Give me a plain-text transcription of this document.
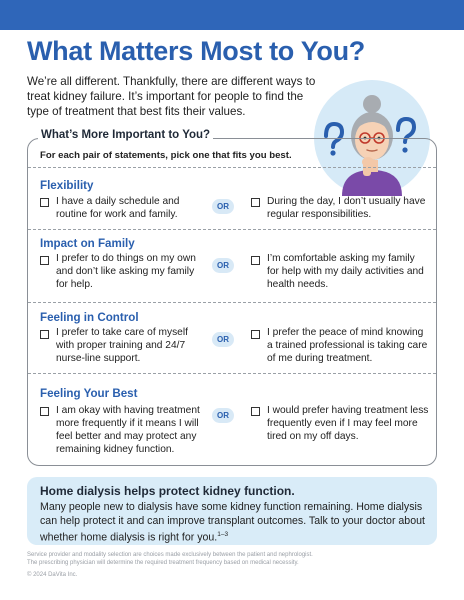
What Matters Most to You?

We’re all different. Thankfully, there are different ways to treat kidney failure. It’s important for people to find the type of treatment that best fits their values.

What’s More Important to You?
For each pair of statements, pick one that fits you best.
Flexibility
I have a daily schedule and routine for work and family.
OR	During the day, I don’t usually have regular responsibilities.
Impact on Family
I prefer to do things on my own and don’t like asking my family for help.
OR
I’m comfortable asking my family for help with my daily activities and health needs.
Feeling in Control
I prefer to take care of myself with proper training and 24/7 nurse-line support.
OR
I prefer the peace of mind knowing a trained professional is taking care of me during treatment.
Feeling Your Best
I am okay with having treatment more frequently if it means I will feel better and may protect any remaining kidney function.
OR	I would prefer having treatment less frequently even if I may feel more tired on my off days.
Home dialysis helps protect kidney function.

Many people new to dialysis have some kidney function remaining. Home dialysis can help protect it and can improve transplant outcomes. Talk to your doctor about whether home dialysis is right for you.$^{1-3}$

Service provider and modality selection are choices made exclusively between the patient and nephrologist.
The prescribing physician will determine the required treatment frequency based on medical necessity.
© 2024 DaVita Inc.
